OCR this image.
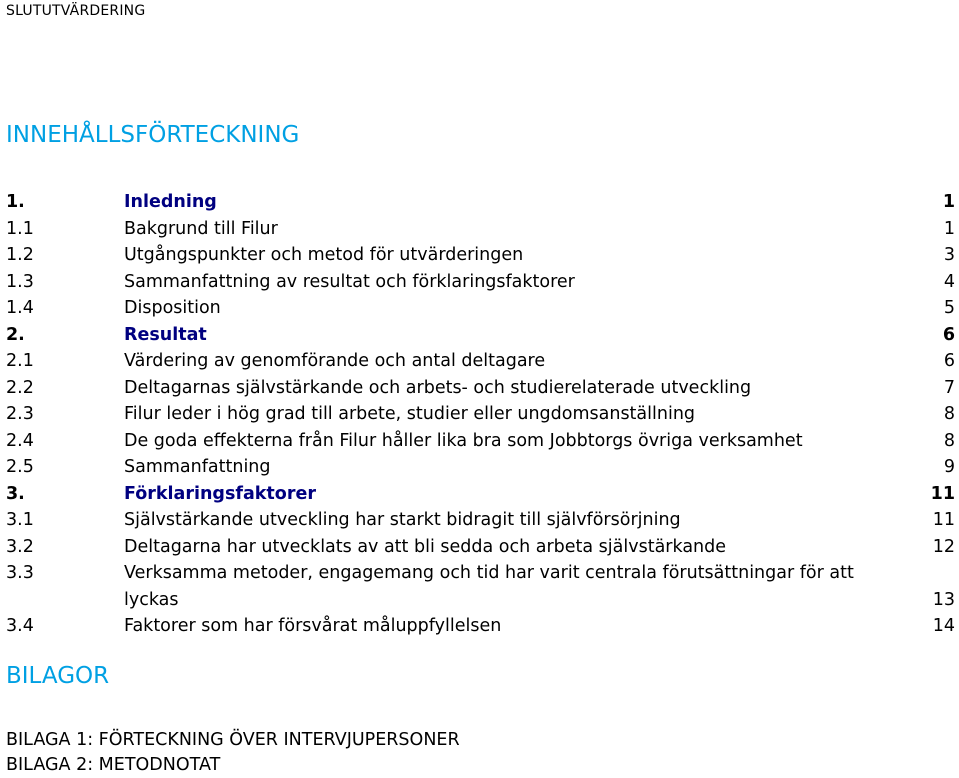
SLUTUTVÄRDERING
INNEHÅLLSFÖRTECKNING
1.	Inledning	1
1.1	Bakgrund till Filur	1
1.2	Utgångspunkter och metod för utvärderingen	3
1.3	Sammanfattning av resultat och förklaringsfaktorer	4
1.4	Disposition	5
2.	Resultat	6
2.1	Värdering av genomförande och antal deltagare	6
2.2	Deltagarnas självstärkande och arbets- och studierelaterade utveckling	7
2.3	Filur leder i hög grad till arbete, studier eller ungdomsanställning	8
2.4	De goda effekterna från Filur håller lika bra som Jobbtorgs övriga verksamhet	8
2.5	Sammanfattning	9
3.	Förklaringsfaktorer	11
3.1	Självstärkande utveckling har starkt bidragit till självförsörjning	11
3.2	Deltagarna har utvecklats av att bli sedda och arbeta självstärkande	12
3.3	Verksamma metoder, engagemang och tid har varit centrala förutsättningar för att lyckas	13
3.4	Faktorer som har försvårat måluppfyllelsen	14
BILAGOR
BILAGA 1: FÖRTECKNING ÖVER INTERVJUPERSONER
BILAGA 2: METODNOTAT
